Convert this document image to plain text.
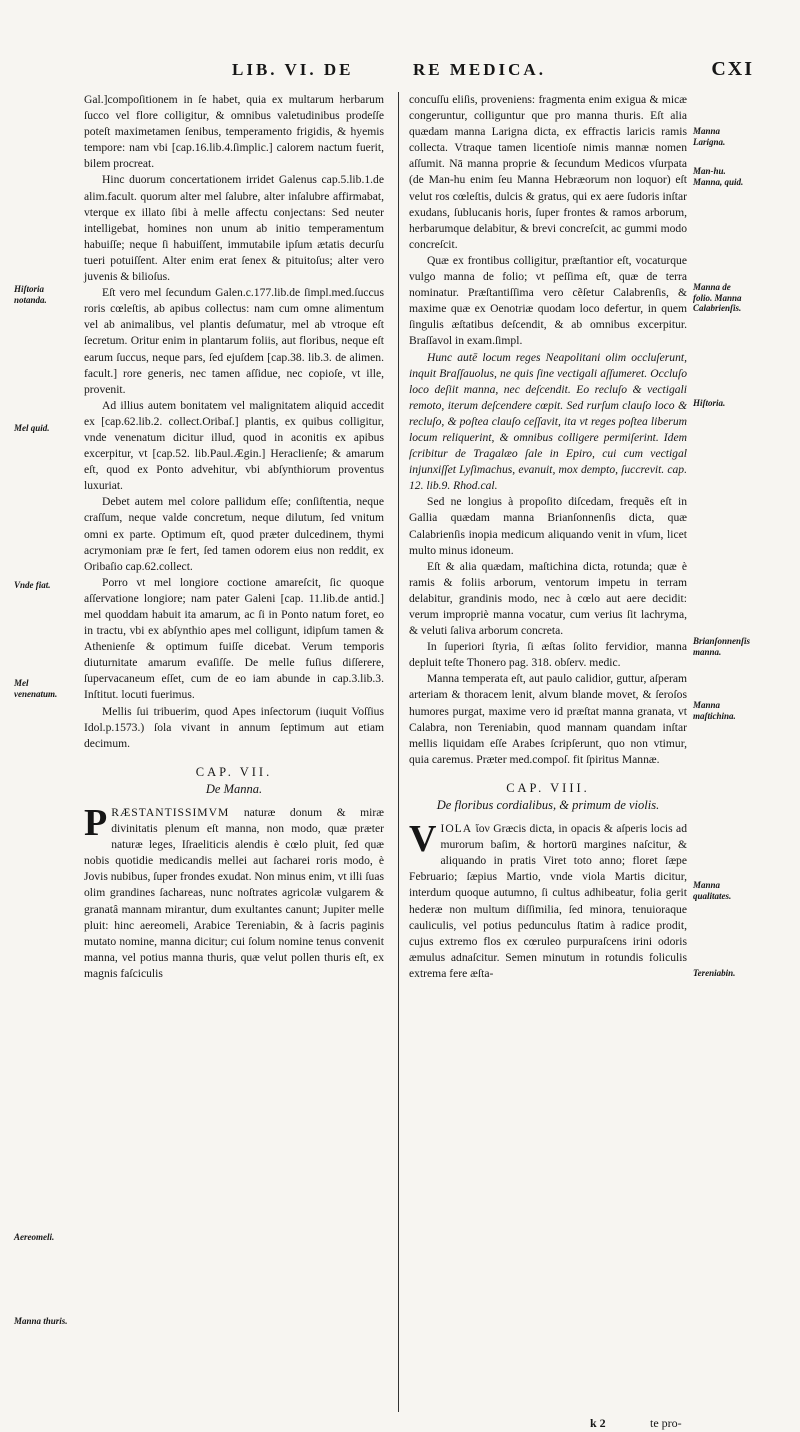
LIB. VI. DE	RE MEDICA.	CXI
Hiſtoria notanda.
Mel quid.
Vnde fiat.
Mel venenatum.
Aereomeli.
Manna thuris.
Manna Larigna.
Man-hu. Manna, quid.
Manna de folio. Manna Calabrienſis.
Hiſtoria.
Brianſonnenſis manna.
Manna maſtichina.
Manna qualitates.
Tereniabin.

Gal.]compoſitionem in ſe habet, quia ex multarum herbarum ſucco vel flore colligitur, & omnibus valetudinibus prodeſſe poteſt maximetamen ſenibus, temperamento frigidis, & hyemis tempore: nam vbi [cap.16.lib.4.ſimplic.] calorem nactum fuerit, bilem procreat.

Hinc duorum concertationem irridet Galenus cap.5.lib.1.de alim.facult. quorum alter mel ſalubre, alter inſalubre affirmabat, vterque ex illato ſibi à melle affectu conjectans: Sed neuter intelligebat, homines non unum ab initio temperamentum habuiſſe; neque ſi habuiſſent, immutabile ipſum ætatis decurſu tueri potuiſſent. Alter enim erat ſenex & pituitoſus; alter vero juvenis & bilioſus.

Eſt vero mel ſecundum Galen.c.177.lib.de ſimpl.med.ſuccus roris cœleſtis, ab apibus collectus: nam cum omne alimentum vel ab animalibus, vel plantis deſumatur, mel ab vtroque eſt ſecretum. Oritur enim in plantarum foliis, aut floribus, neque eſt earum ſuccus, neque pars, ſed ejuſdem [cap.38. lib.3. de alimen. facult.] rore generis, nec tamen aſſidue, nec copioſe, vt ille, provenit.

Ad illius autem bonitatem vel malignitatem aliquid accedit ex [cap.62.lib.2. collect.Oribaſ.] plantis, ex quibus colligitur, vnde venenatum dicitur illud, quod in aconitis ex apibus excerpitur, vt [cap.52. lib.Paul.Ægin.] Heraclienſe; & amarum eſt, quod ex Ponto advehitur, vbi abſynthiorum proventus luxuriat.

Debet autem mel colore pallidum eſſe; conſiſtentia, neque craſſum, neque valde concretum, neque dilutum, ſed vnitum omni ex parte. Optimum eſt, quod præter dulcedinem, thymi acrymoniam præ ſe fert, ſed tamen odorem eius non reddit, ex Oribaſio cap.62.collect.

Porro vt mel longiore coctione amareſcit, ſic quoque aſſervatione longiore; nam pater Galeni [cap. 11.lib.de antid.] mel quoddam habuit ita amarum, ac ſi in Ponto natum foret, eo in tractu, vbi ex abſynthio apes mel colligunt, idipſum tamen & Athenienſe & optimum fuiſſe dicebat. Verum temporis diuturnitate amarum evaſiſſe. De melle fuſius diſſerere, ſupervacaneum eſſet, cum de eo iam abunde in cap.3.lib.3. Inſtitut. locuti fuerimus.

Mellis ſui tribuerim, quod Apes inſectorum (iuquit Voſſius Idol.p.1573.) ſola vivant in annum ſeptimum aut etiam decimum.

CAP. VII.
De Manna.
PRÆSTANTISSIMVM naturæ donum & miræ divinitatis plenum eſt manna, non modo, quæ præter naturæ leges, Iſraeliticis alendis è cœlo pluit, ſed quæ nobis quotidie medicandis mellei aut ſacharei roris modo, è Jovis nubibus, ſuper frondes exudat. Non minus enim, vt illi ſuas olim grandines ſachareas, nunc noſtrates agricolæ vulgarem & granatâ mannam mirantur, dum exultantes canunt; Jupiter melle pluit: hinc aereomeli, Arabice Tereniabin, & à ſacris paginis mutato nomine, manna dicitur; cui ſolum nomine tenus convenit manna, vel potius manna thuris, quæ velut pollen thuris eſt, ex magnis faſciculis

concuſſu eliſis, proveniens: fragmenta enim exigua & micæ congeruntur, colliguntur que pro manna thuris. Eſt alia quædam manna Larigna dicta, ex effractis laricis ramis collecta. Vtraque tamen licentioſe nimis mannæ nomen aſſumit. Nā manna proprie & ſecundum Medicos vſurpata (de Man-hu enim ſeu Manna Hebræorum non loquor) eſt velut ros cœleſtis, dulcis & gratus, qui ex aere ſudoris inſtar exudans, ſublucanis horis, ſuper frontes & ramos arborum, herbarumque delabitur, & brevi concreſcit, ac gummi modo concreſcit.

Quæ ex frontibus colligitur, præſtantior eſt, vocaturque vulgo manna de folio; vt peſſima eſt, quæ de terra nominatur. Præſtantiſſima vero cẽſetur Calabrenſis, & maxime quæ ex Oenotriæ quodam loco defertur, in quem ſingulis æſtatibus deſcendit, & ab omnibus excerpitur. Braſſavol in exam.ſimpl.

Hunc autē locum reges Neapolitani olim occluſerunt, inquit Braſſauolus, ne quis ſine vectigali aſſumeret. Occluſo loco deſiit manna, nec deſcendit. Eo recluſo & vectigali remoto, iterum deſcendere cœpit. Sed rurſum clauſo loco & recluſo, & poſtea clauſo ceſſavit, ita vt reges poſtea liberum locum reliquerint, & omnibus colligere permiſerint. Idem ſcribitur de Tragalæo ſale in Epiro, cui cum vectigal injunxiſſet Lyſimachus, evanuit, mox dempto, ſuccrevit. cap. 12. lib.9. Rhod.cal.

Sed ne longius à propoſito diſcedam, frequẽs eſt in Gallia quædam manna Brianſonnenſis dicta, quæ Calabrienſis inopia medicum aliquando venit in vſum, licet multo minus idoneum.

Eſt & alia quædam, maſtichina dicta, rotunda; quæ è ramis & foliis arborum, ventorum impetu in terram delabitur, grandinis modo, nec à cœlo aut aere decidit: verum impropriè manna vocatur, cum verius ſit lachryma, & veluti ſaliva arborum concreta.

In ſuperiori ſtyria, ſi æſtas ſolito fervidior, manna depluit teſte Thonero pag. 318. obſerv. medic.

Manna temperata eſt, aut paulo calidior, guttur, aſperam arteriam & thoracem lenit, alvum blande movet, & ſeroſos humores purgat, maxime vero id præſtat manna granata, vt Calabra, non Tereniabin, quod mannam quandam inſtar mellis liquidam eſſe Arabes ſcripſerunt, quo non vtimur, quia caremus. Præter med.compoſ. fit ſpiritus Mannæ.

CAP. VIII.
De floribus cordialibus, & primum de violis.
VIOLA ἴον Græcis dicta, in opacis & aſperis locis ad murorum baſim, & hortorū margines naſcitur, & aliquando in pratis Viret toto anno; floret ſæpe Februario; ſæpius Martio, vnde viola Martis dicitur, interdum quoque autumno, ſi cultus adhibeatur, folia gerit hederæ non multum diſſimilia, ſed minora, tenuioraque cauliculis, vel potius pedunculus ſtatim à radice prodit, cujus extremo flos ex cœruleo purpuraſcens irini odoris æmulus adnaſcitur. Semen minutum in rotundis foliculis extrema fere æſta-
k 2	te pro-
